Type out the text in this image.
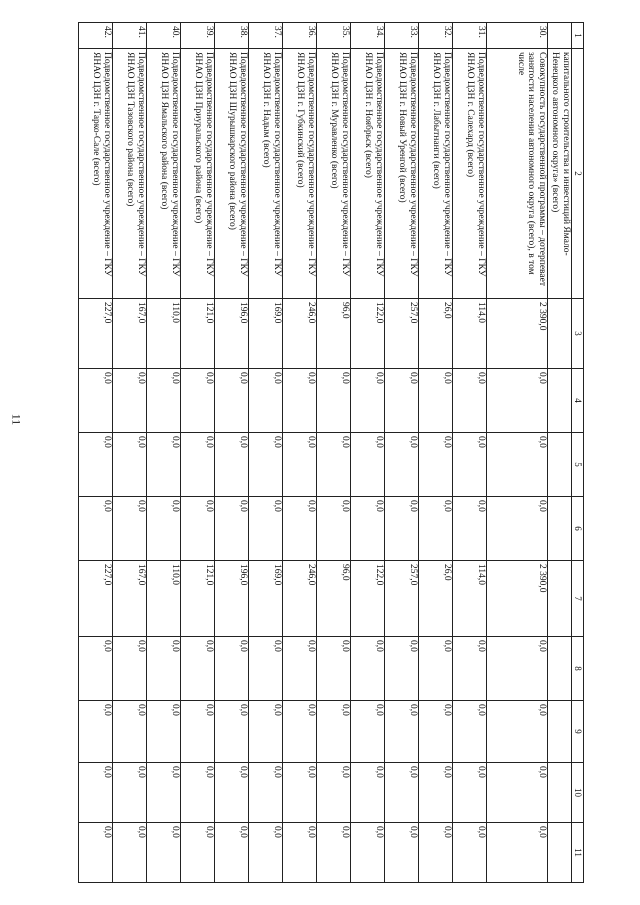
11
1	2	3	4	5	6	7	8	9	10	11
	капитального строительства и инвестиций Ямало-Ненецкого автономного округа» (всего)									
30.	Совокупность государственной программы – дотерпевает занятости населения автономного округа (всего), в том числе	2 390,0	0,0	0,0	0,0	2 390,0	0,0	0,0	0,0	0,0
31.	Подведомственное государственное учреждение – ГКУ ЯНАО ЦЗН г. Салехард (всего)	114,0	0,0	0,0	0,0	114,0	0,0	0,0	0,0	0,0
32.	Подведомственное государственное учреждение – ГКУ ЯНАО ЦЗН г. Лабытнанги (всего)	26,0	0,0	0,0	0,0	26,0	0,0	0,0	0,0	0,0
33.	Подведомственное государственное учреждение – ГКУ ЯНАО ЦЗН г. Новый Уренгой (всего)	257,0	0,0	0,0	0,0	257,0	0,0	0,0	0,0	0,0
34.	Подведомственное государственное учреждение – ГКУ ЯНАО ЦЗН г. Ноябрьск (всего)	122,0	0,0	0,0	0,0	122,0	0,0	0,0	0,0	0,0
35.	Подведомственное государственное учреждение – ГКУ ЯНАО ЦЗН г. Муравленко (всего)	96,0	0,0	0,0	0,0	96,0	0,0	0,0	0,0	0,0
36.	Подведомственное государственное учреждение – ГКУ ЯНАО ЦЗН г. Губкинский (всего)	246,0	0,0	0,0	0,0	246,0	0,0	0,0	0,0	0,0
37.	Подведомственное государственное учреждение – ГКУ ЯНАО ЦЗН г. Надым (всего)	169,0	0,0	0,0	0,0	169,0	0,0	0,0	0,0	0,0
38.	Подведомственное государственное учреждение – ГКУ ЯНАО ЦЗН Шурышкарского района (всего)	196,0	0,0	0,0	0,0	196,0	0,0	0,0	0,0	0,0
39.	Подведомственное государственное учреждение – ГКУ ЯНАО ЦЗН Приуральского района (всего)	121,0	0,0	0,0	0,0	121,0	0,0	0,0	0,0	0,0
40.	Подведомственное государственное учреждение – ГКУ ЯНАО ЦЗН Ямальского района (всего)	110,0	0,0	0,0	0,0	110,0	0,0	0,0	0,0	0,0
41.	Подведомственное государственное учреждение – ГКУ ЯНАО ЦЗН Тазовского района (всего)	167,0	0,0	0,0	0,0	167,0	0,0	0,0	0,0	0,0
42.	Подведомственное государственное учреждение – ГКУ ЯНАО ЦЗН г. Тарко-Сале (всего)	227,0	0,0	0,0	0,0	227,0	0,0	0,0	0,0	0,0
